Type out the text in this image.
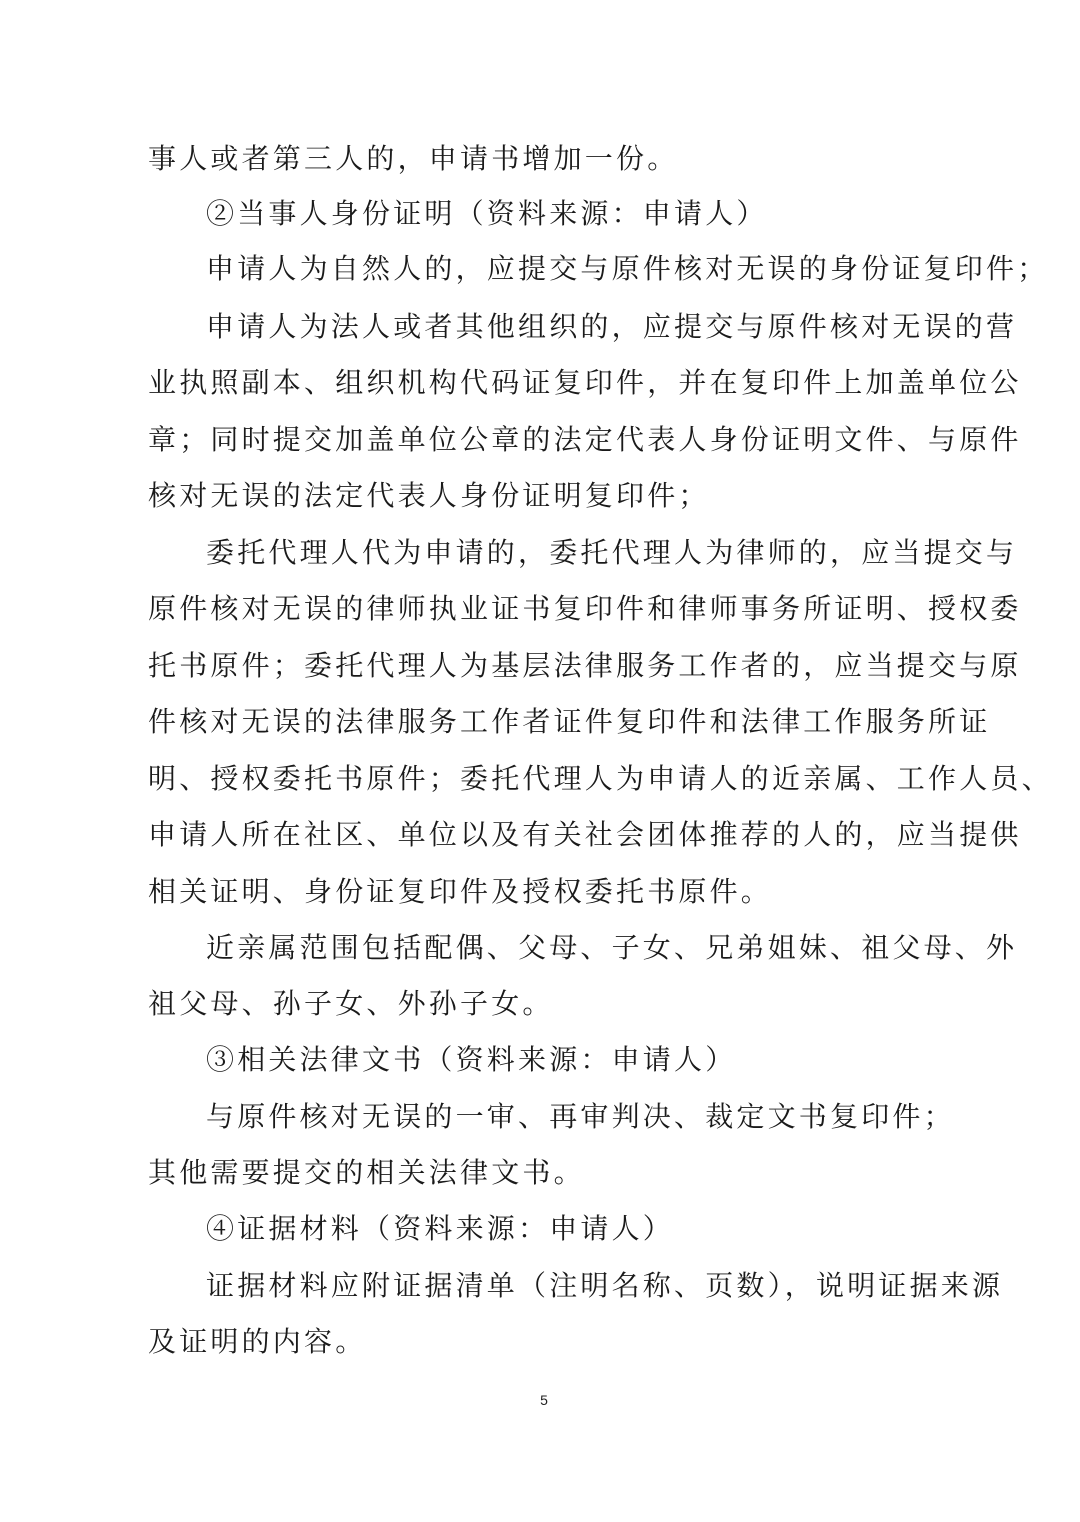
事人或者第三人的，申请书增加一份。
②当事人身份证明（资料来源：申请人）
申请人为自然人的，应提交与原件核对无误的身份证复印件；
申请人为法人或者其他组织的，应提交与原件核对无误的营
业执照副本、组织机构代码证复印件，并在复印件上加盖单位公
章；同时提交加盖单位公章的法定代表人身份证明文件、与原件
核对无误的法定代表人身份证明复印件；
委托代理人代为申请的，委托代理人为律师的，应当提交与
原件核对无误的律师执业证书复印件和律师事务所证明、授权委
托书原件；委托代理人为基层法律服务工作者的，应当提交与原
件核对无误的法律服务工作者证件复印件和法律工作服务所证
明、授权委托书原件；委托代理人为申请人的近亲属、工作人员、
申请人所在社区、单位以及有关社会团体推荐的人的，应当提供
相关证明、身份证复印件及授权委托书原件。
近亲属范围包括配偶、父母、子女、兄弟姐妹、祖父母、外
祖父母、孙子女、外孙子女。
③相关法律文书（资料来源：申请人）
与原件核对无误的一审、再审判决、裁定文书复印件；
其他需要提交的相关法律文书。
④证据材料（资料来源：申请人）
证据材料应附证据清单（注明名称、页数），说明证据来源
及证明的内容。
5
